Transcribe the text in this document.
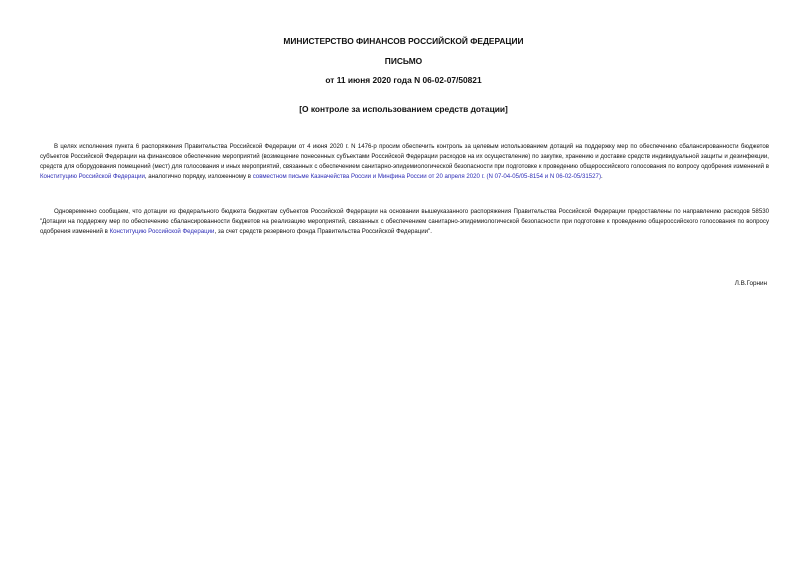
МИНИСТЕРСТВО ФИНАНСОВ РОССИЙСКОЙ ФЕДЕРАЦИИ
ПИСЬМО
от 11 июня 2020 года N 06-02-07/50821
[О контроле за использованием средств дотации]

В целях исполнения пункта 6 распоряжения Правительства Российской Федерации от 4 июня 2020 г. N 1476-р просим обеспечить контроль за целевым использованием дотаций на поддержку мер по обеспечению сбалансированности бюджетов субъектов Российской Федерации на финансовое обеспечение мероприятий (возмещение понесенных субъектами Российской Федерации расходов на их осуществление) по закупке, хранению и доставке средств индивидуальной защиты и дезинфекции, средств для оборудования помещений (мест) для голосования и иных мероприятий, связанных с обеспечением санитарно-эпидемиологической безопасности при подготовке к проведению общероссийского голосования по вопросу одобрения изменений в Конституцию Российской Федерации, аналогично порядку, изложенному в совместном письме Казначейства России и Минфина России от 20 апреля 2020 г. (N 07-04-05/05-8154 и N 06-02-05/31527).

Одновременно сообщаем, что дотации из федерального бюджета бюджетам субъектов Российской Федерации на основании вышеуказанного распоряжения Правительства Российской Федерации предоставлены по направлению расходов 58530 "Дотации на поддержку мер по обеспечению сбалансированности бюджетов на реализацию мероприятий, связанных с обеспечением санитарно-эпидемиологической безопасности при подготовке к проведению общероссийского голосования по вопросу одобрения изменений в Конституцию Российской Федерации, за счет средств резервного фонда Правительства Российской Федерации".

Л.В.Горнин
